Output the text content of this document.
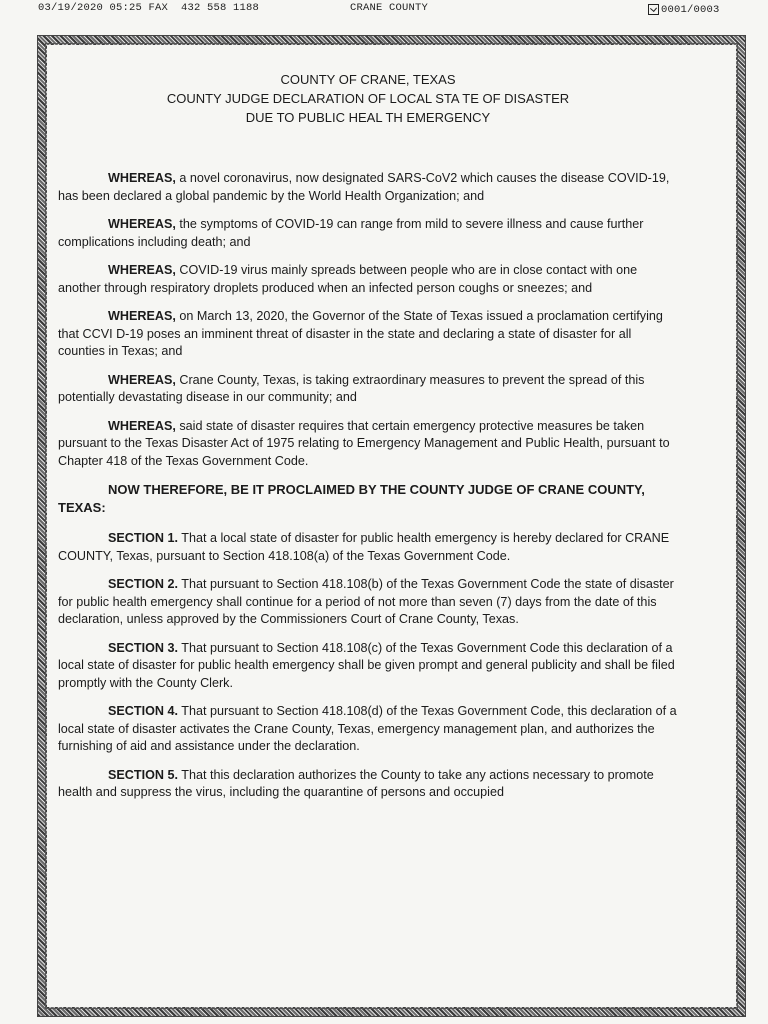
03/19/2020 05:25 FAX  432 558 1188	CRANE COUNTY	0001/0003
COUNTY OF CRANE, TEXAS
COUNTY JUDGE DECLARATION OF LOCAL STA TE OF DISASTER
DUE TO PUBLIC HEAL TH EMERGENCY

WHEREAS, a novel coronavirus, now designated SARS-CoV2 which causes the disease COVID-19, has been declared a global pandemic by the World Health Organization; and

WHEREAS, the symptoms of COVID-19 can range from mild to severe illness and cause further complications including death; and

WHEREAS, COVID-19 virus mainly spreads between people who are in close contact with one another through respiratory droplets produced when an infected person coughs or sneezes; and

WHEREAS, on March 13, 2020, the Governor of the State of Texas issued a proclamation certifying that CCVI D-19 poses an imminent threat of disaster in the state and declaring a state of disaster for all counties in Texas; and

WHEREAS, Crane County, Texas, is taking extraordinary measures to prevent the spread of this potentially devastating disease in our community; and

WHEREAS, said state of disaster requires that certain emergency protective measures be taken pursuant to the Texas Disaster Act of 1975 relating to Emergency Management and Public Health, pursuant to Chapter 418 of the Texas Government Code.

NOW THEREFORE, BE IT PROCLAIMED BY THE COUNTY JUDGE OF CRANE COUNTY, TEXAS:

SECTION 1. That a local state of disaster for public health emergency is hereby declared for CRANE COUNTY, Texas, pursuant to Section 418.108(a) of the Texas Government Code.

SECTION 2. That pursuant to Section 418.108(b) of the Texas Government Code the state of disaster for public health emergency shall continue for a period of not more than seven (7) days from the date of this declaration, unless approved by the Commissioners Court of Crane County, Texas.

SECTION 3. That pursuant to Section 418.108(c) of the Texas Government Code this declaration of a local state of disaster for public health emergency shall be given prompt and general publicity and shall be filed promptly with the County Clerk.

SECTION 4. That pursuant to Section 418.108(d) of the Texas Government Code, this declaration of a local state of disaster activates the Crane County, Texas, emergency management plan, and authorizes the furnishing of aid and assistance under the declaration.

SECTION 5. That this declaration authorizes the County to take any actions necessary to promote health and suppress the virus, including the quarantine of persons and occupied
